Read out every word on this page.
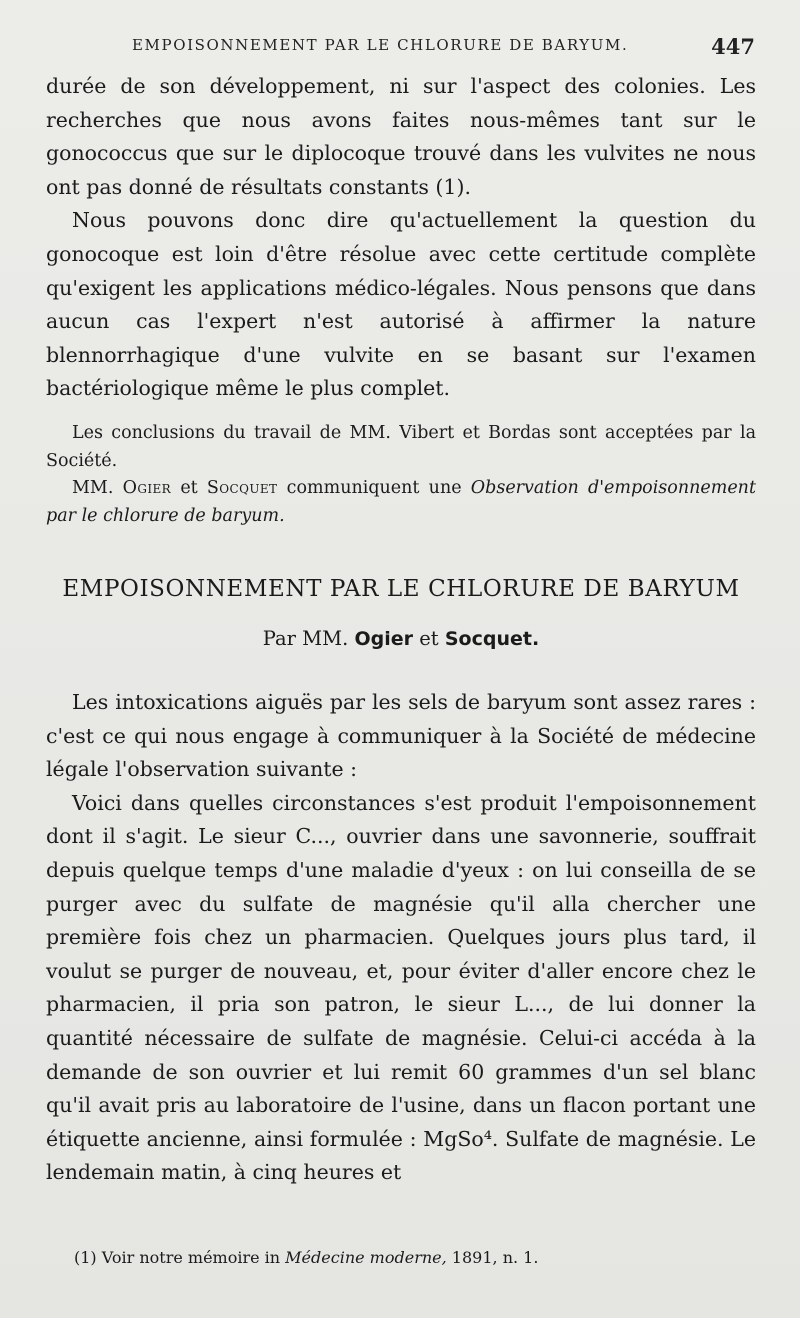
EMPOISONNEMENT PAR LE CHLORURE DE BARYUM.	447

durée de son développement, ni sur l'aspect des colonies. Les recherches que nous avons faites nous-mêmes tant sur le gonococcus que sur le diplocoque trouvé dans les vulvites ne nous ont pas donné de résultats constants (1).

Nous pouvons donc dire qu'actuellement la question du gonocoque est loin d'être résolue avec cette certitude complète qu'exigent les applications médico-légales. Nous pensons que dans aucun cas l'expert n'est autorisé à affirmer la nature blennorrhagique d'une vulvite en se basant sur l'examen bactériologique même le plus complet.

Les conclusions du travail de MM. Vibert et Bordas sont acceptées par la Société.

MM. Ogier et Socquet communiquent une Observation d'empoisonnement par le chlorure de baryum.

EMPOISONNEMENT PAR LE CHLORURE DE BARYUM
Par MM. Ogier et Socquet.

Les intoxications aiguës par les sels de baryum sont assez rares : c'est ce qui nous engage à communiquer à la Société de médecine légale l'observation suivante :

Voici dans quelles circonstances s'est produit l'empoisonnement dont il s'agit. Le sieur C..., ouvrier dans une savonnerie, souffrait depuis quelque temps d'une maladie d'yeux : on lui conseilla de se purger avec du sulfate de magnésie qu'il alla chercher une première fois chez un pharmacien. Quelques jours plus tard, il voulut se purger de nouveau, et, pour éviter d'aller encore chez le pharmacien, il pria son patron, le sieur L..., de lui donner la quantité nécessaire de sulfate de magnésie. Celui-ci accéda à la demande de son ouvrier et lui remit 60 grammes d'un sel blanc qu'il avait pris au laboratoire de l'usine, dans un flacon portant une étiquette ancienne, ainsi formulée : MgSo⁴. Sulfate de magnésie. Le lendemain matin, à cinq heures et

(1) Voir notre mémoire in Médecine moderne, 1891, n. 1.
